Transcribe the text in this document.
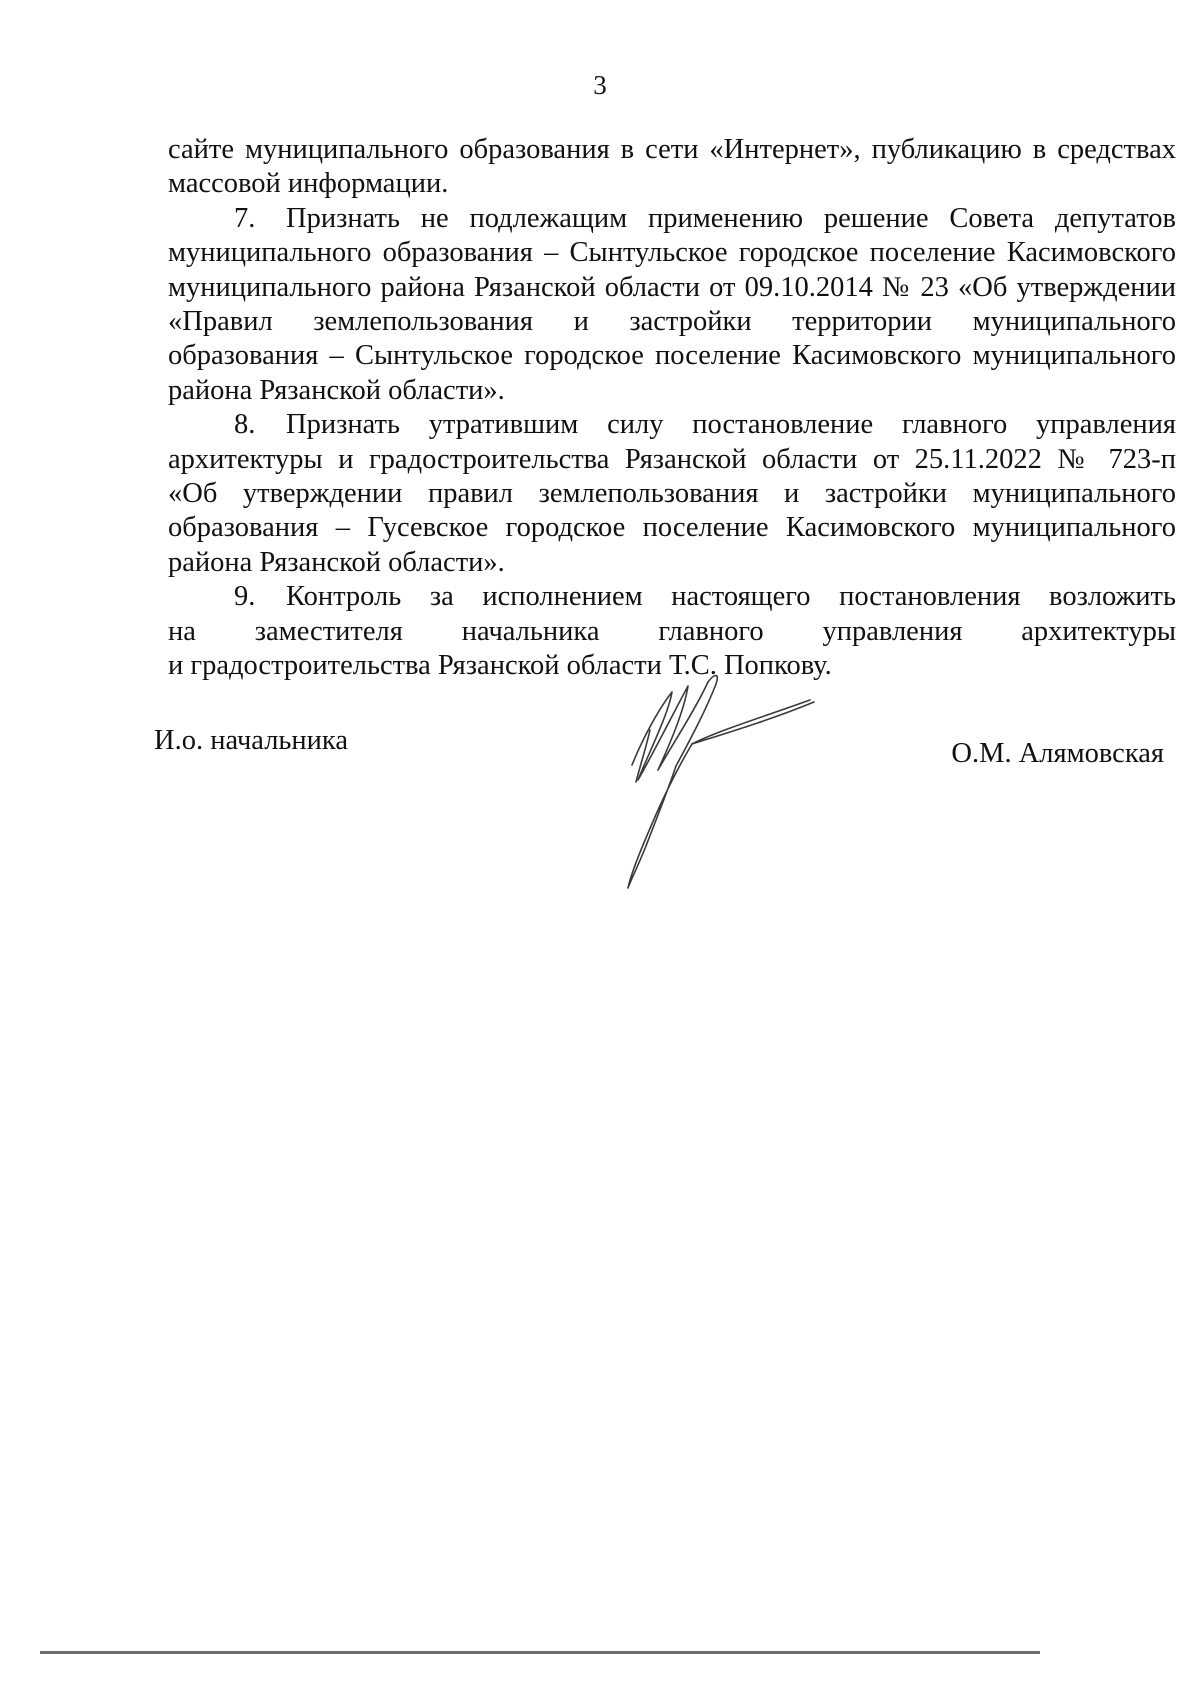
3

сайте муниципального образования в сети «Интернет», публикацию в средствах
массовой информации.

7. Признать не подлежащим применению решение Совета депутатов
муниципального образования – Сынтульское городское поселение Касимовского
муниципального района Рязанской области от 09.10.2014 № 23 «Об утверждении
«Правил землепользования и застройки территории муниципального
образования – Сынтульское городское поселение Касимовского муниципального
района Рязанской области».

8. Признать утратившим силу постановление главного управления
архитектуры и градостроительства Рязанской области от 25.11.2022 № 723-п
«Об утверждении правил землепользования и застройки муниципального
образования – Гусевское городское поселение Касимовского муниципального
района Рязанской области».

9. Контроль за исполнением настоящего постановления возложить
на заместителя начальника главного управления архитектуры
и градостроительства Рязанской области Т.С. Попкову.

И.о. начальника	О.М. Алямовская
